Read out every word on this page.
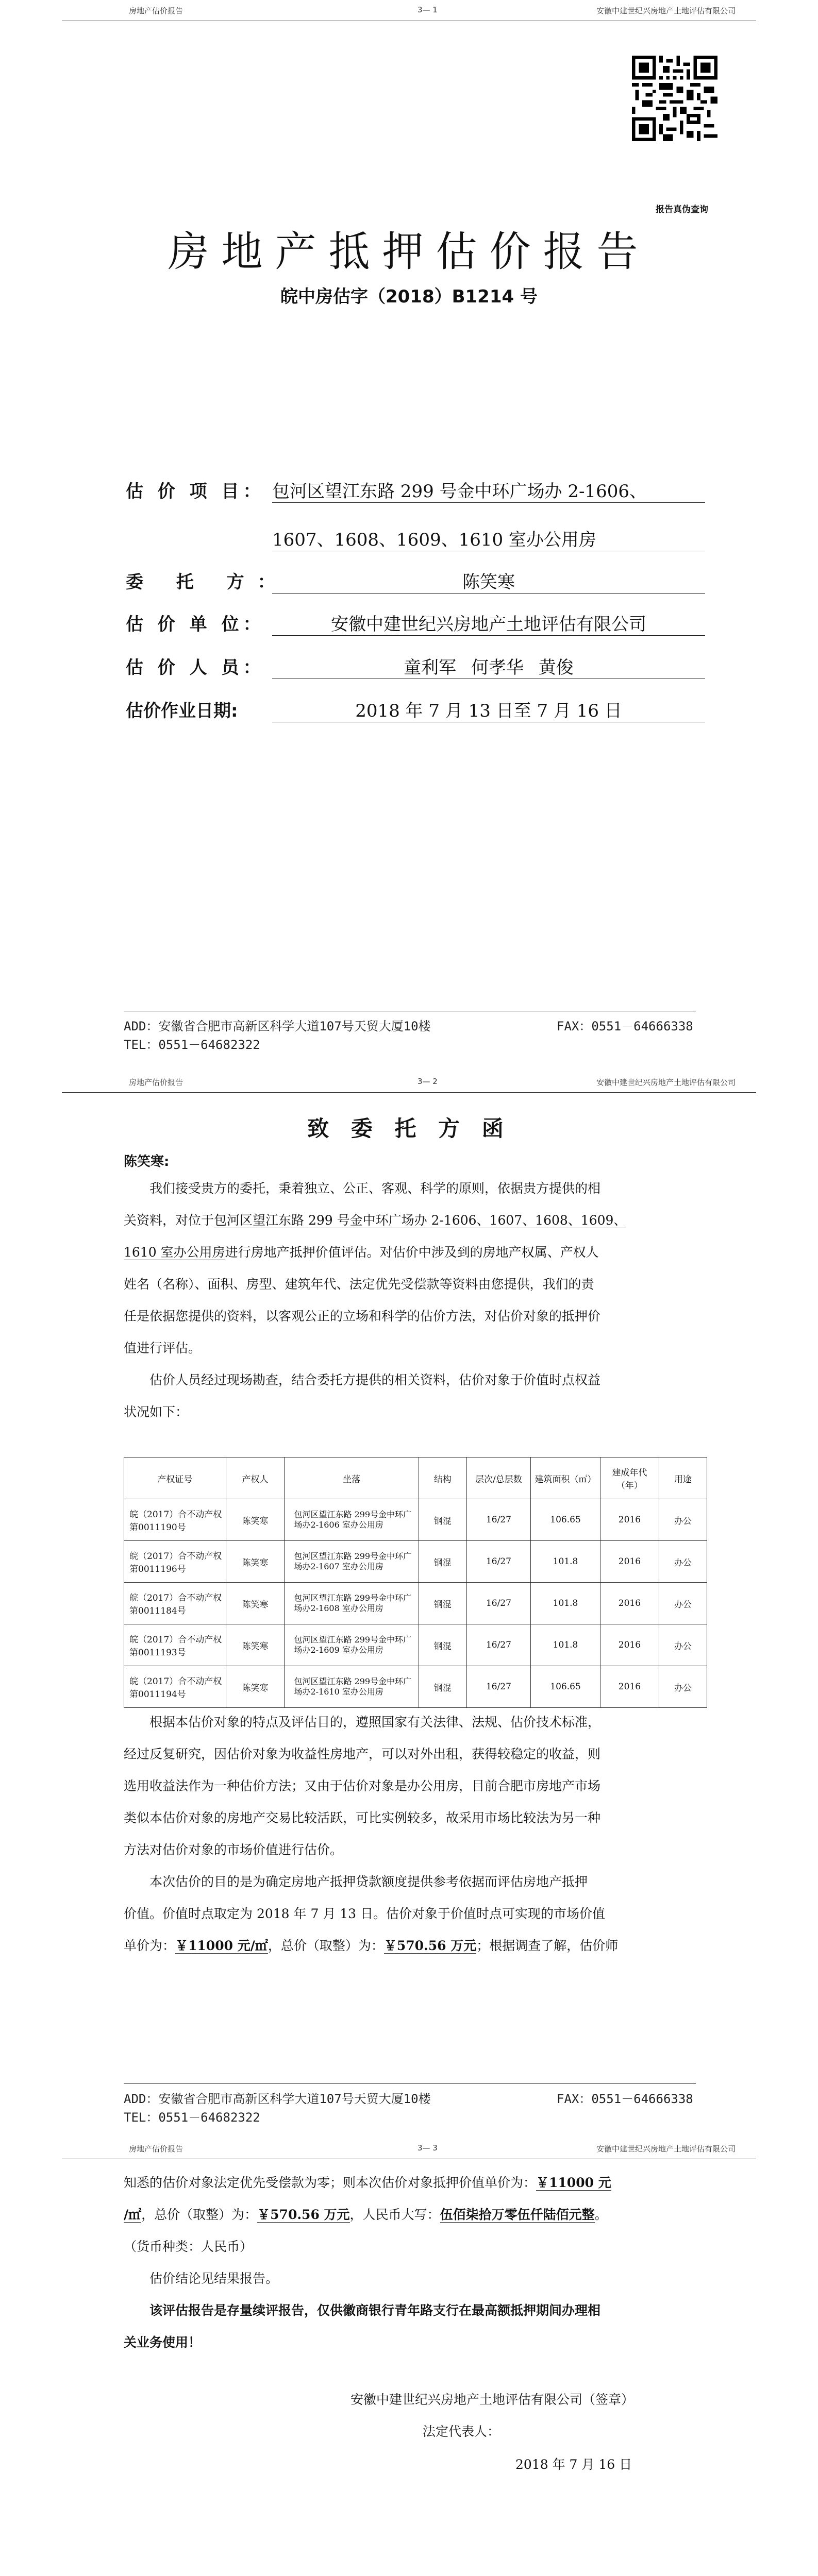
房地产估价报告	3— 1	安徽中建世纪兴房地产土地评估有限公司
报告真伪查询
房地产抵押估价报告
皖中房估字（2018）B1214 号
估 价 项 目： 包河区望江东路 299 号金中环广场办 2-1606、
1607、1608、1609、1610 室办公用房
委 托 方：	陈笑寒
估 价 单 位：	安徽中建世纪兴房地产土地评估有限公司
估 价 人 员：	童利军 何孝华 黄俊
估价作业日期:	2018 年 7 月 13 日至 7 月 16 日
ADD：安徽省合肥市高新区科学大道107号天贸大厦10楼	FAX：0551－64666338
TEL：0551－64682322
房地产估价报告	3— 2	安徽中建世纪兴房地产土地评估有限公司
致 委 托 方 函
陈笑寒:
我们接受贵方的委托，秉着独立、公正、客观、科学的原则，依据贵方提供的相
关资料，对位于包河区望江东路 299 号金中环广场办 2-1606、1607、1608、1609、
1610 室办公用房进行房地产抵押价值评估。对估价中涉及到的房地产权属、产权人
姓名（名称）、面积、房型、建筑年代、法定优先受偿款等资料由您提供，我们的责
任是依据您提供的资料，以客观公正的立场和科学的估价方法，对估价对象的抵押价
值进行评估。
估价人员经过现场勘查，结合委托方提供的相关资料，估价对象于价值时点权益
状况如下：
产权证号	产权人	坐落	结构	层次/总层数	建筑面积（㎡）	建成年代（年）	用途
皖（2017）合不动产权第0011190号	陈笑寒	包河区望江东路 299号金中环广场办2-1606 室办公用房	钢混	16/27	106.65	2016	办公
皖（2017）合不动产权第0011196号	陈笑寒	包河区望江东路 299号金中环广场办2-1607 室办公用房	钢混	16/27	101.8	2016	办公
皖（2017）合不动产权第0011184号	陈笑寒	包河区望江东路 299号金中环广场办2-1608 室办公用房	钢混	16/27	101.8	2016	办公
皖（2017）合不动产权第0011193号	陈笑寒	包河区望江东路 299号金中环广场办2-1609 室办公用房	钢混	16/27	101.8	2016	办公
皖（2017）合不动产权第0011194号	陈笑寒	包河区望江东路 299号金中环广场办2-1610 室办公用房	钢混	16/27	106.65	2016	办公
根据本估价对象的特点及评估目的，遵照国家有关法律、法规、估价技术标准，
经过反复研究，因估价对象为收益性房地产，可以对外出租，获得较稳定的收益，则
选用收益法作为一种估价方法；又由于估价对象是办公用房，目前合肥市房地产市场
类似本估价对象的房地产交易比较活跃，可比实例较多，故采用市场比较法为另一种
方法对估价对象的市场价值进行估价。
本次估价的目的是为确定房地产抵押贷款额度提供参考依据而评估房地产抵押
价值。价值时点取定为 2018 年 7 月 13 日。估价对象于价值时点可实现的市场价值
单价为：￥11000 元/㎡，总价（取整）为：￥570.56 万元；根据调查了解，估价师
ADD：安徽省合肥市高新区科学大道107号天贸大厦10楼	FAX：0551－64666338
TEL：0551－64682322
房地产估价报告	3— 3	安徽中建世纪兴房地产土地评估有限公司
知悉的估价对象法定优先受偿款为零；则本次估价对象抵押价值单价为：￥11000 元
/㎡，总价（取整）为：￥570.56 万元，人民币大写：伍佰柒拾万零伍仟陆佰元整。
（货币种类：人民币）
估价结论见结果报告。
该评估报告是存量续评报告，仅供徽商银行青年路支行在最高额抵押期间办理相
关业务使用！
安徽中建世纪兴房地产土地评估有限公司（签章）
法定代表人：
2018 年 7 月 16 日
